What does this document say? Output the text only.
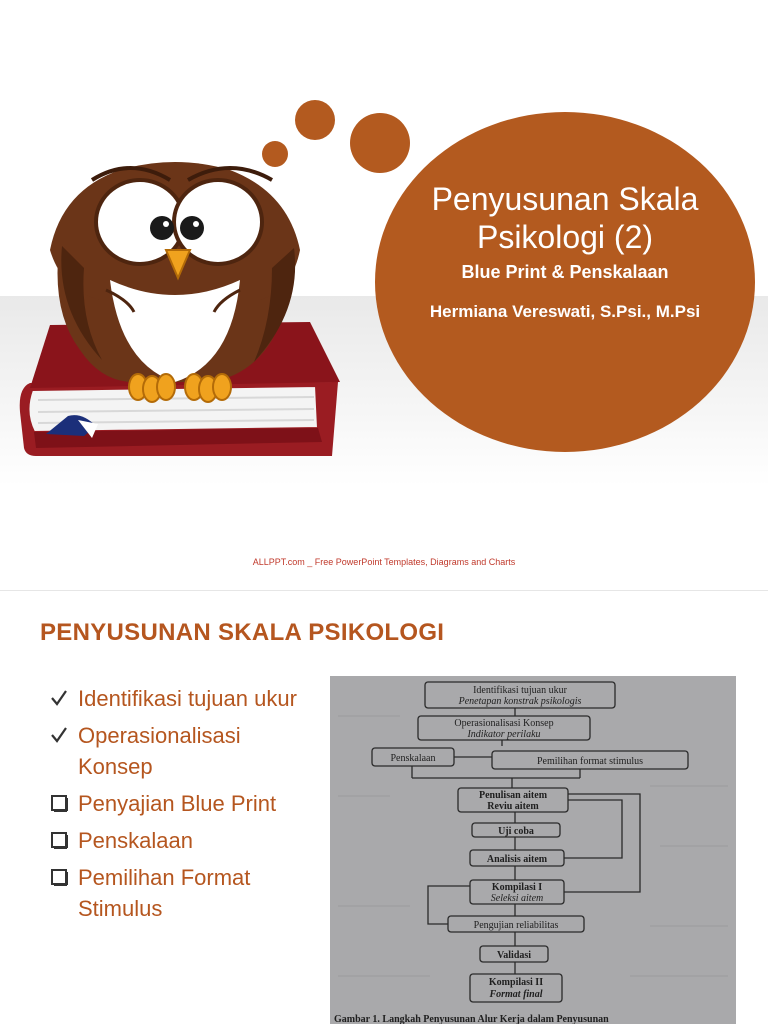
Penyusunan Skala
Psikologi (2)
Blue Print & Penskalaan
Hermiana Vereswati, S.Psi., M.Psi
ALLPPT.com _ Free PowerPoint Templates, Diagrams and Charts
PENYUSUNAN SKALA PSIKOLOGI
Identifikasi tujuan ukur
Operasionalisasi Konsep
Penyajian Blue Print
Penskalaan
Pemilihan Format Stimulus
Identifikasi tujuan ukur
Penetapan konstrak psikologis
Operasionalisasi Konsep
Indikator perilaku
Penskalaan	Pemilihan format stimulus
Penulisan aitem
Reviu aitem
Uji coba
Analisis aitem
Kompilasi I
Seleksi aitem
Pengujian reliabilitas
Validasi
Kompilasi II
Format final
Gambar 1. Langkah Penyusunan Alur Kerja dalam Penyusunan
